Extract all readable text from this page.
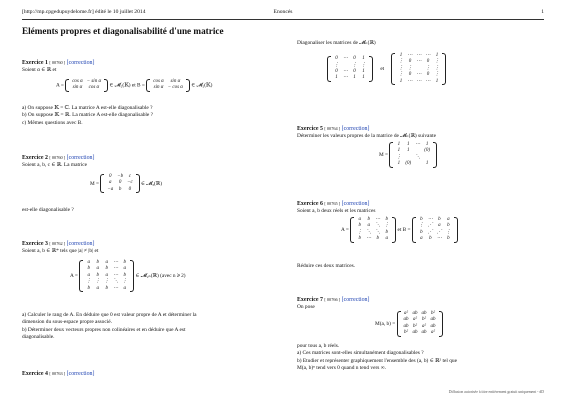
[http://mp.cpgedupuydelome.fr] édité le 10 juillet 2014	Enoncés	1
Eléments propres et diagonalisabilité d'une matrice
Exercice 1 [ 00760 ] [correction]
Soient α ∈ ℝ et
A =
cos α	− sin α
sin α	cos α ∈ 𝓜₂(𝕂) et B =
cos α	sin α
sin α	− cos α ∈ 𝓜₂(𝕂)
a) On suppose 𝕂 = ℂ. La matrice A est-elle diagonalisable ?
b) On suppose 𝕂 = ℝ. La matrice A est-elle diagonalisable ?
c) Mêmes questions avec B.
Exercice 2 [ 00760 ] [correction]
Soient a, b, c ∈ ℝ. La matrice
M =
0	−b	c
a	0	−c
−a	b	0
∈ 𝓜₃(ℝ)
est-elle diagonalisable ?
Exercice 3 [ 00762 ] [correction]
Soient a, b ∈ ℝ* tels que |a| ≠ |b| et
A =
a	b	a	⋯	b
b	a	b	⋯	a
a	b	a	⋯	b
⋮	⋮	⋮	⋱	⋮
b	a	b	⋯	a
∈ 𝓜₂ₙ(ℝ) (avec n ⩾ 2)
a) Calculer le rang de A. En déduire que 0 est valeur propre de A et déterminer la
dimension du sous-espace propre associé.
b) Déterminer deux vecteurs propres non colinéaires et en déduire que A est
diagonalisable.
Exercice 4 [ 00763 ] [correction]
Diagonaliser les matrices de 𝓜ₙ(ℝ)
0	⋯	0	1
⋮		⋮	⋮
0	⋯	0	1
1	⋯	1	1
et
1	⋯	⋯	⋯	1
⋮	0	⋯	0	⋮
⋮	⋮		⋮	⋮
⋮	0	⋯	0	⋮
1	⋯	⋯	⋯	1
Exercice 5 [ 00764 ] [correction]
Déterminer les valeurs propres de la matrice de 𝓜ₙ(ℝ) suivante
M =
1	1	⋯	1
1	1		(0)
⋮		⋱	
1	(0)		1
Exercice 6 [ 00765 ] [correction]
Soient a, b deux réels et les matrices
A =
a	b	⋯	b
b	a	⋱	⋮
⋮	⋱	⋱	b
b	⋯	b	a
et B =
b	⋯	b	a
⋮	⋰	a	b
b	⋰	⋰	⋮
a	b	⋯	b
Réduire ces deux matrices.
Exercice 7 [ 00766 ] [correction]
On pose
M(a, b) =
a²	ab	ab	b²
ab	a²	b²	ab
ab	b²	a²	ab
b²	ab	ab	a²
pour tous a, b réels.
a) Ces matrices sont-elles simultanément diagonalisables ?
b) Etudier et représenter graphiquement l'ensemble des (a, b) ∈ ℝ² tel que
M(a, b)ⁿ tend vers 0 quand n tend vers ∞.
Diffusion autorisée à titre entièrement gratuit uniquement - dD
